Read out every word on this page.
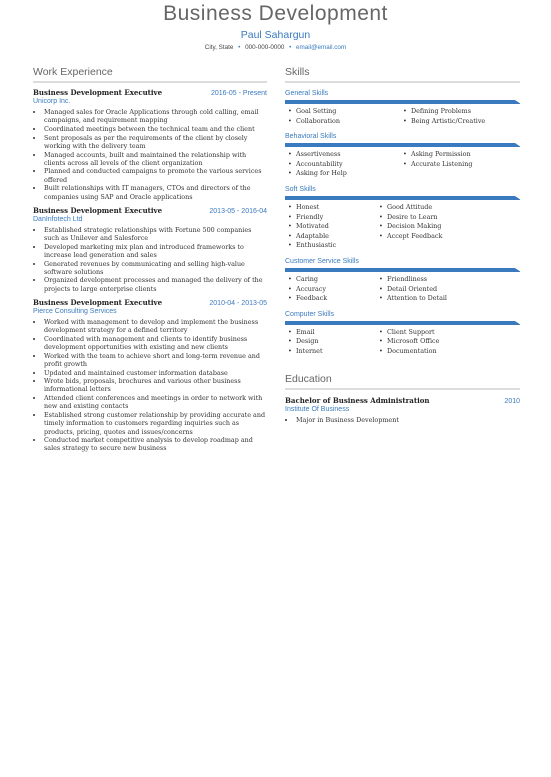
Business Development
Paul Sahargun
City, State • 000-000-0000 • email@email.com
Work Experience
Business Development Executive	2016-05 - Present
Unicorp Inc.
• Managed sales for Oracle Applications through cold calling, email campaigns, and requirement mapping
• Coordinated meetings between the technical team and the client
• Sent proposals as per the requirements of the client by closely working with the delivery team
• Managed accounts, built and maintained the relationship with clients across all levels of the client organization
• Planned and conducted campaigns to promote the various services offered
• Built relationships with IT managers, CTOs and directors of the companies using SAP and Oracle applications
Business Development Executive	2013-05 - 2016-04
DanInfotech Ltd
• Established strategic relationships with Fortune 500 companies such as Unilever and Salesforce
• Developed marketing mix plan and introduced frameworks to increase lead generation and sales
• Generated revenues by communicating and selling high-value software solutions
• Organized development processes and managed the delivery of the projects to large enterprise clients
Business Development Executive	2010-04 - 2013-05
Pierce Consulting Services
• Worked with management to develop and implement the business development strategy for a defined territory
• Coordinated with management and clients to identify business development opportunities with existing and new clients
• Worked with the team to achieve short and long-term revenue and profit growth
• Updated and maintained customer information database
• Wrote bids, proposals, brochures and various other business informational letters
• Attended client conferences and meetings in order to network with new and existing contacts
• Established strong customer relationship by providing accurate and timely information to customers regarding inquiries such as products, pricing, quotes and issues/concerns
• Conducted market competitive analysis to develop roadmap and sales strategy to secure new business
Skills
General Skills
• Goal Setting	• Defining Problems
• Collaboration	• Being Artistic/Creative
Behavioral Skills
• Assertiveness	• Asking Permission
• Accountability	• Accurate Listening
• Asking for Help
Soft Skills
• Honest	• Good Attitude
• Friendly	• Desire to Learn
• Motivated	• Decision Making
• Adaptable	• Accept Feedback
• Enthusiastic
Customer Service Skills
• Caring	• Friendliness
• Accuracy	• Detail Oriented
• Feedback	• Attention to Detail
Computer Skills
• Email	• Client Support
• Design	• Microsoft Office
• Internet	• Documentation
Education
Bachelor of Business Administration	2010
Institute Of Business
• Major in Business Development
